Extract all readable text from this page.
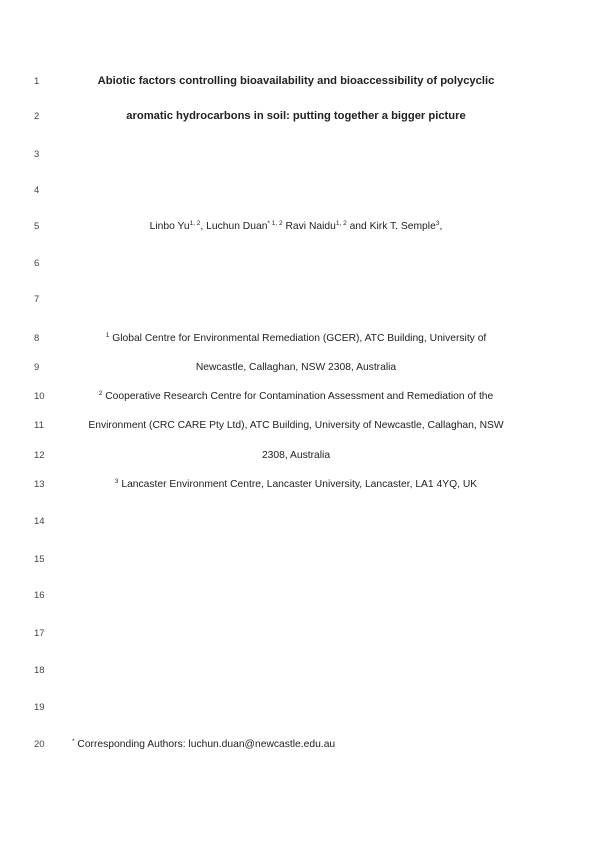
1
2
3
4
5
6
7
8
9
10
11
12
13
14
15
16
17
18
19
20
Abiotic factors controlling bioavailability and bioaccessibility of polycyclic
aromatic hydrocarbons in soil: putting together a bigger picture
Linbo Yu$^{1, 2}$, Luchun Duan$^{* 1, 2}$ Ravi Naidu$^{1, 2}$ and Kirk T. Semple$^3$,
$^1$ Global Centre for Environmental Remediation (GCER), ATC Building, University of
Newcastle, Callaghan, NSW 2308, Australia
$^2$ Cooperative Research Centre for Contamination Assessment and Remediation of the
Environment (CRC CARE Pty Ltd), ATC Building, University of Newcastle, Callaghan, NSW
2308, Australia
$^3$ Lancaster Environment Centre, Lancaster University, Lancaster, LA1 4YQ, UK
* Corresponding Authors: luchun.duan@newcastle.edu.au
